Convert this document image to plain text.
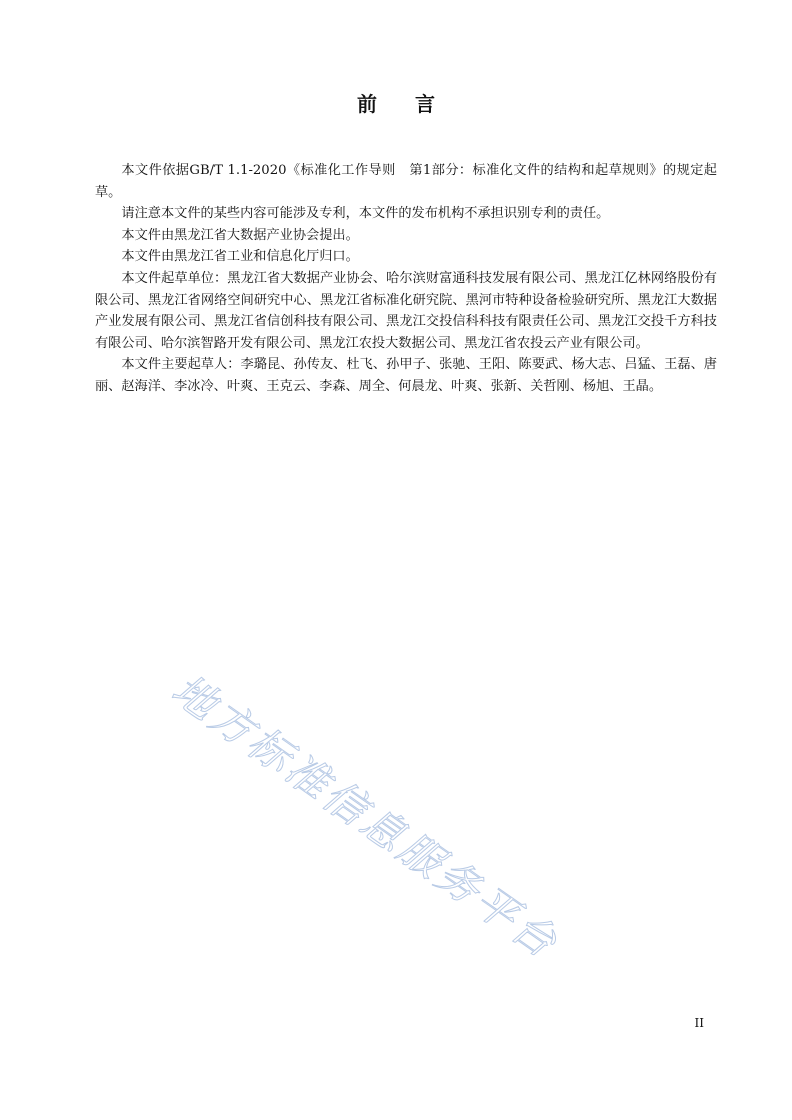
前言

本文件依据GB/T 1.1-2020《标准化工作导则　第1部分：标准化文件的结构和起草规则》的规定起草。

请注意本文件的某些内容可能涉及专利，本文件的发布机构不承担识别专利的责任。

本文件由黑龙江省大数据产业协会提出。

本文件由黑龙江省工业和信息化厅归口。

本文件起草单位：黑龙江省大数据产业协会、哈尔滨财富通科技发展有限公司、黑龙江亿林网络股份有限公司、黑龙江省网络空间研究中心、黑龙江省标准化研究院、黑河市特种设备检验研究所、黑龙江大数据产业发展有限公司、黑龙江省信创科技有限公司、黑龙江交投信科科技有限责任公司、黑龙江交投千方科技有限公司、哈尔滨智路开发有限公司、黑龙江农投大数据公司、黑龙江省农投云产业有限公司。

本文件主要起草人：李璐昆、孙传友、杜飞、孙甲子、张驰、王阳、陈要武、杨大志、吕猛、王磊、唐丽、赵海洋、李冰冷、叶爽、王克云、李森、周全、何晨龙、叶爽、张新、关哲刚、杨旭、王晶。

地方标准信息服务平台
II
